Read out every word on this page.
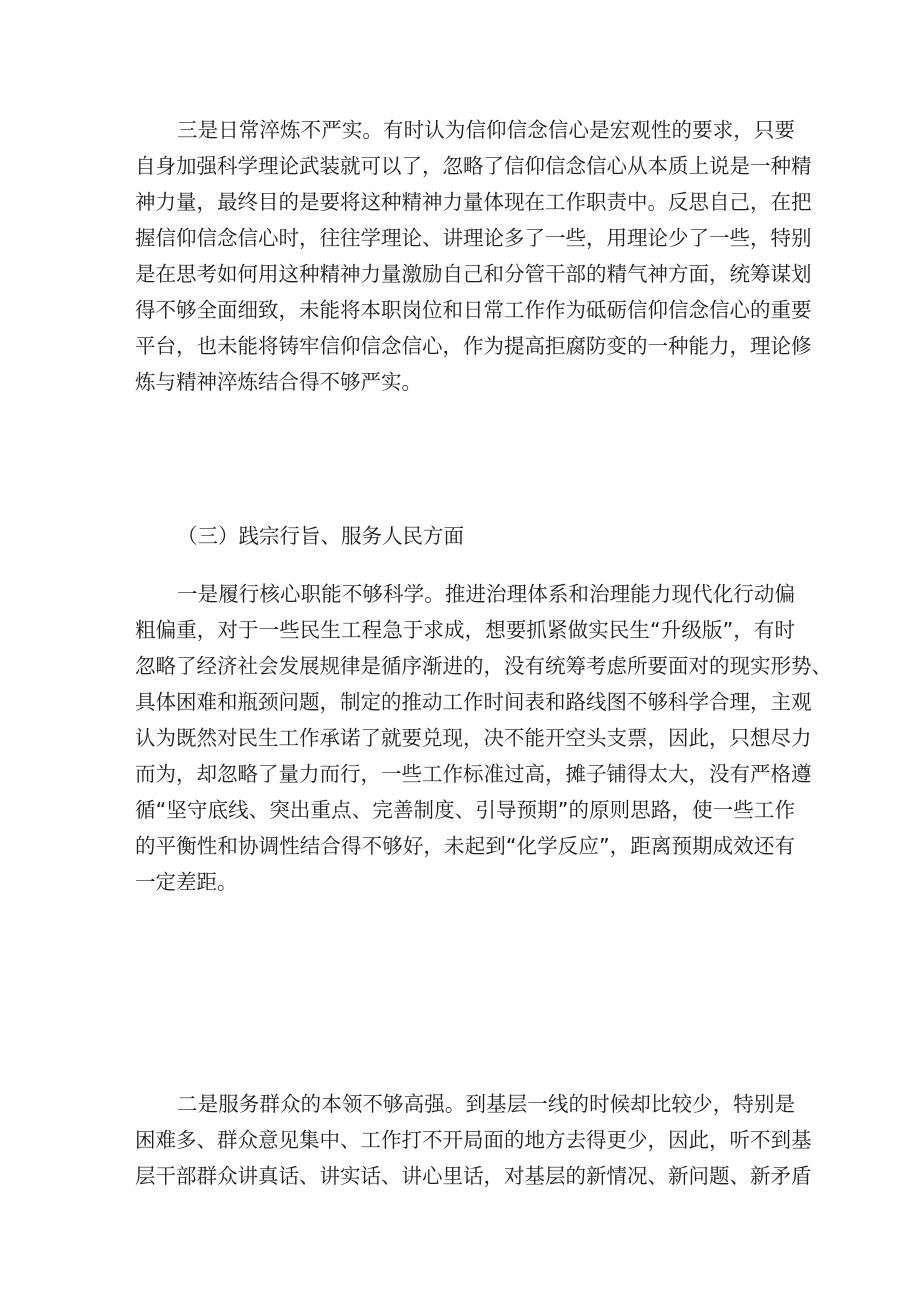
三是日常淬炼不严实。有时认为信仰信念信心是宏观性的要求，只要
自身加强科学理论武装就可以了，忽略了信仰信念信心从本质上说是一种精
神力量，最终目的是要将这种精神力量体现在工作职责中。反思自己，在把
握信仰信念信心时，往往学理论、讲理论多了一些，用理论少了一些，特别
是在思考如何用这种精神力量激励自己和分管干部的精气神方面，统筹谋划
得不够全面细致，未能将本职岗位和日常工作作为砥砺信仰信念信心的重要
平台，也未能将铸牢信仰信念信心，作为提高拒腐防变的一种能力，理论修
炼与精神淬炼结合得不够严实。
（三）践宗行旨、服务人民方面
一是履行核心职能不够科学。推进治理体系和治理能力现代化行动偏
粗偏重，对于一些民生工程急于求成，想要抓紧做实民生“升级版”，有时
忽略了经济社会发展规律是循序渐进的，没有统筹考虑所要面对的现实形势、
具体困难和瓶颈问题，制定的推动工作时间表和路线图不够科学合理，主观
认为既然对民生工作承诺了就要兑现，决不能开空头支票，因此，只想尽力
而为，却忽略了量力而行，一些工作标准过高，摊子铺得太大，没有严格遵
循“坚守底线、突出重点、完善制度、引导预期”的原则思路，使一些工作
的平衡性和协调性结合得不够好，未起到“化学反应”，距离预期成效还有
一定差距。
二是服务群众的本领不够高强。到基层一线的时候却比较少，特别是
困难多、群众意见集中、工作打不开局面的地方去得更少，因此，听不到基
层干部群众讲真话、讲实话、讲心里话，对基层的新情况、新问题、新矛盾
